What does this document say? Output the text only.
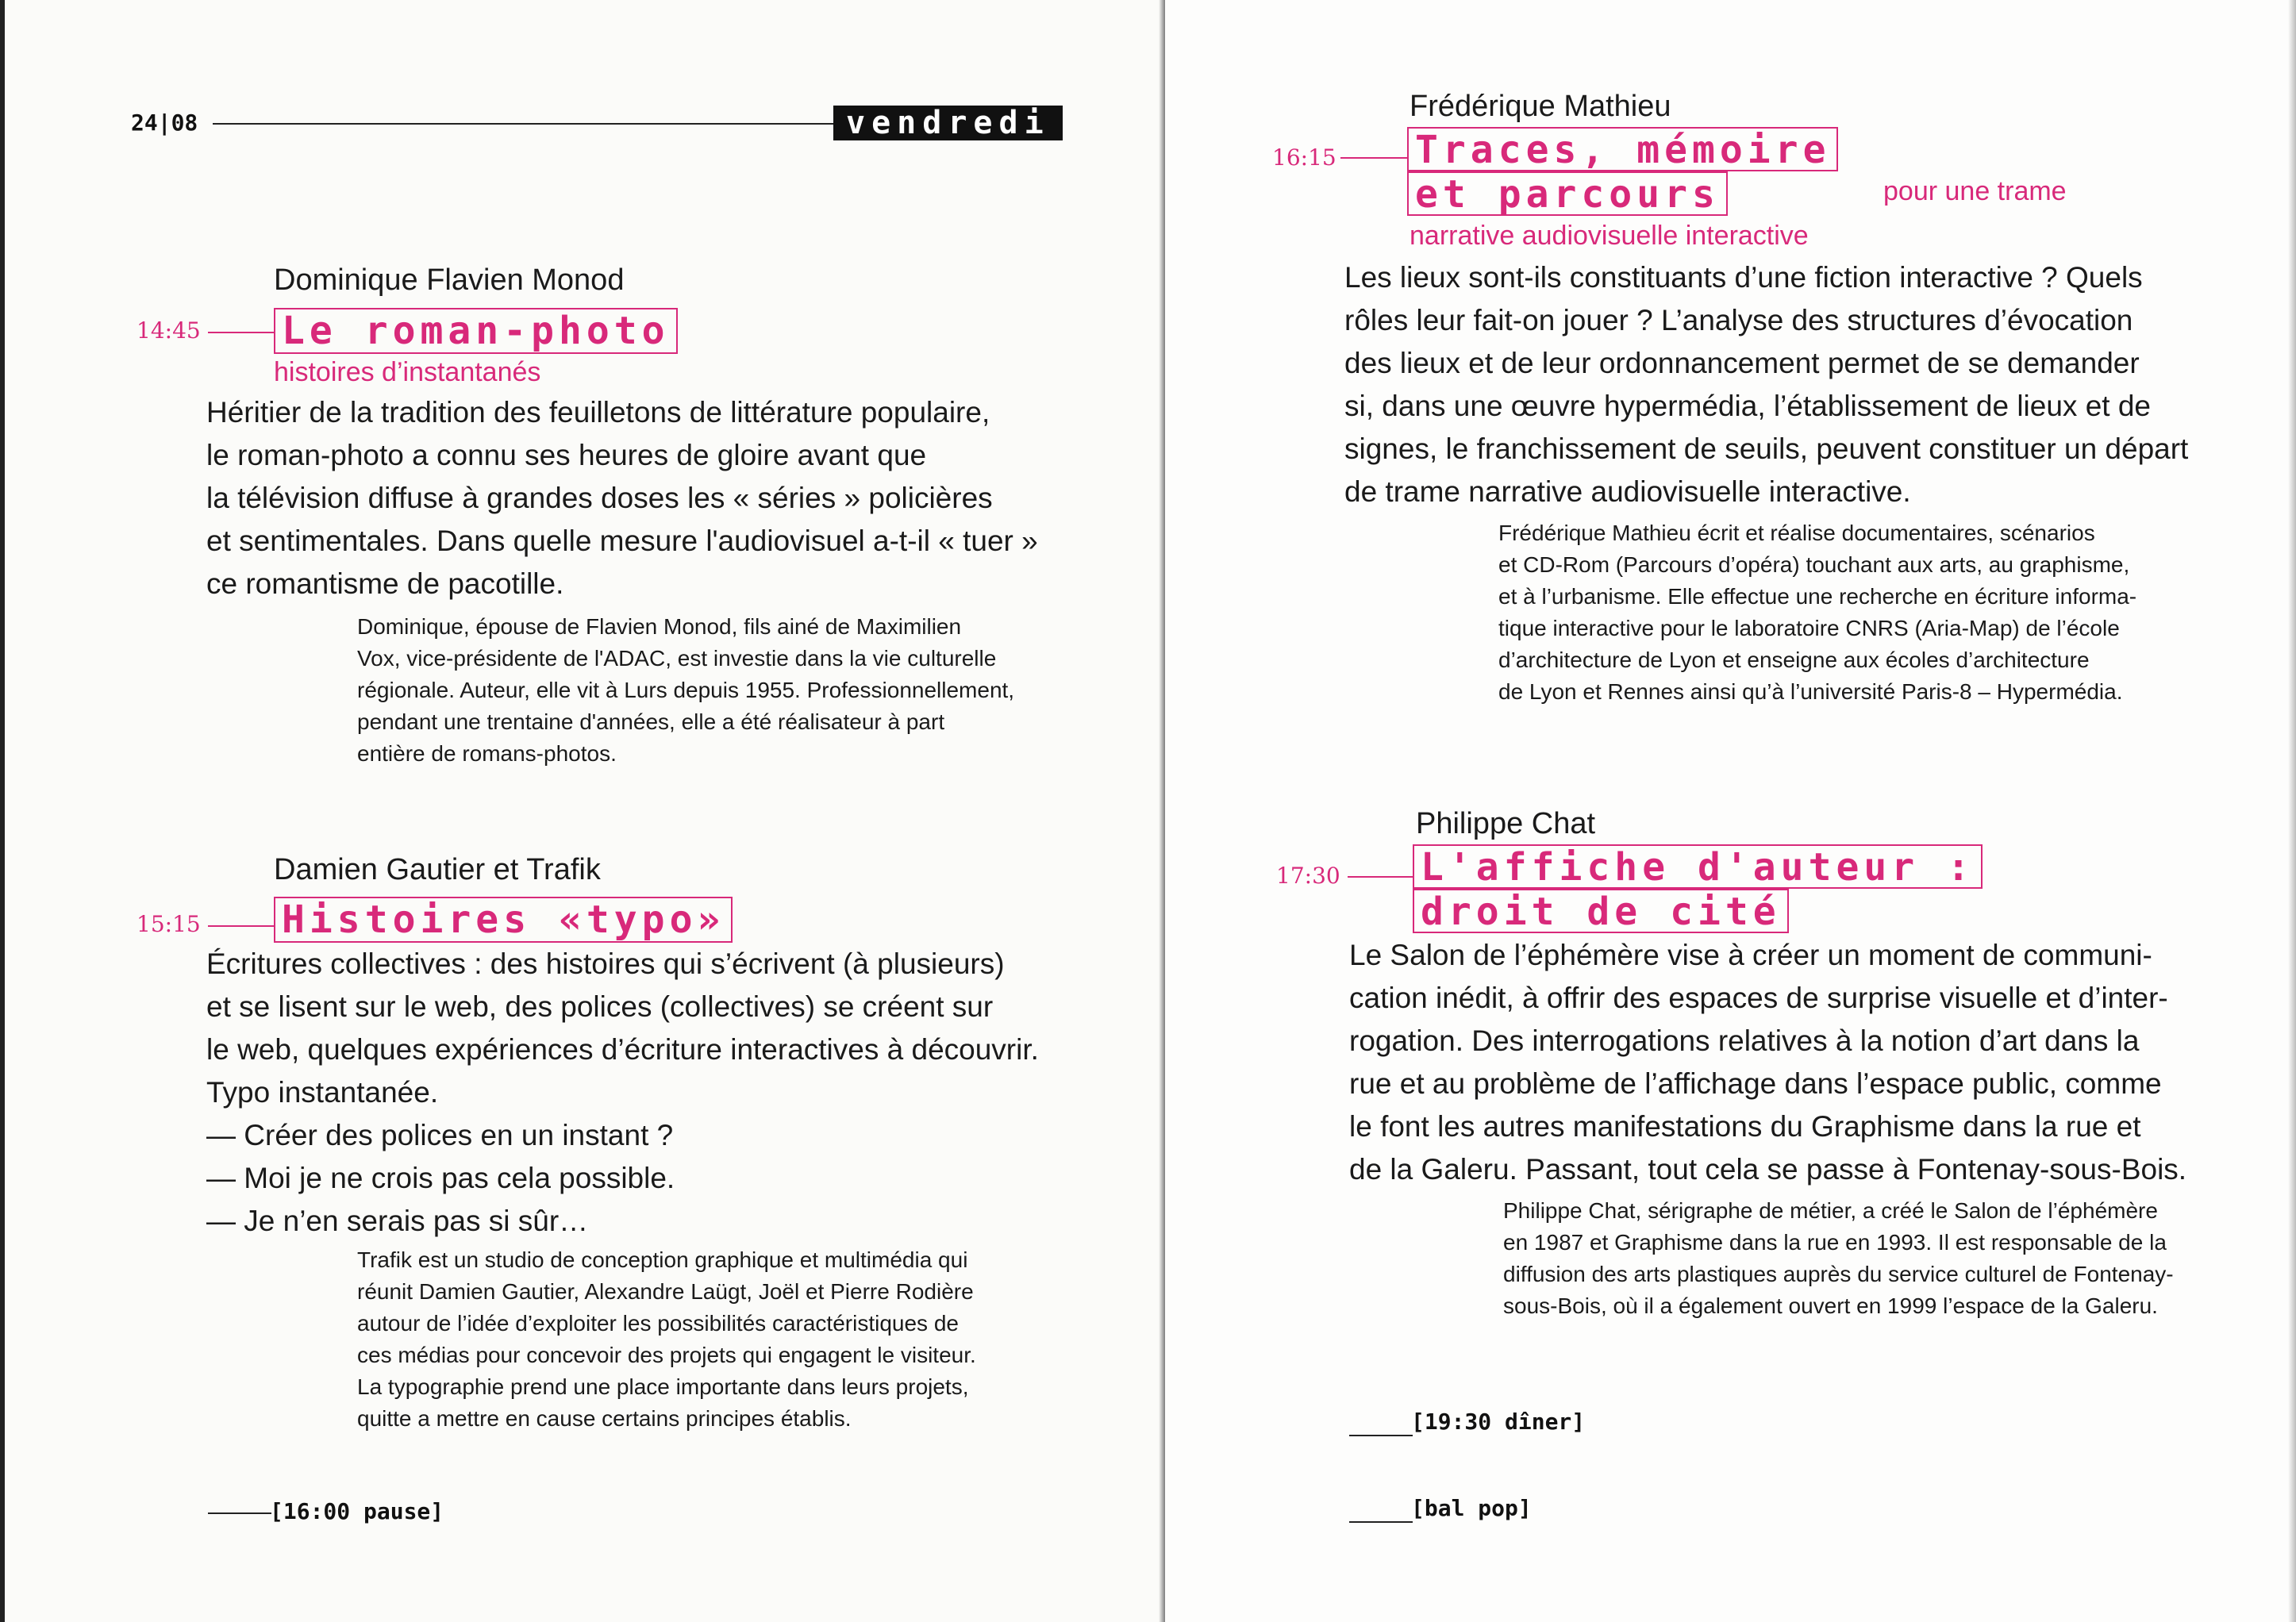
24|08	vendredi
Dominique Flavien Monod
14:45 Le roman-photo
histoires d’instantanés

Héritier de la tradition des feuilletons de littérature populaire,

le roman-photo a connu ses heures de gloire avant que

la télévision diffuse à grandes doses les « séries » policières

et sentimentales. Dans quelle mesure l'audiovisuel a-t-il « tuer »

ce romantisme de pacotille.

Dominique, épouse de Flavien Monod, fils ainé de Maximilien

Vox, vice-présidente de l'ADAC, est investie dans la vie culturelle

régionale. Auteur, elle vit à Lurs depuis 1955. Professionnellement,

pendant une trentaine d'années, elle a été réalisateur à part

entière de romans-photos.

Damien Gautier et Trafik
15:15 Histoires «typo»

Écritures collectives : des histoires qui s’écrivent (à plusieurs)

et se lisent sur le web, des polices (collectives) se créent sur

le web, quelques expériences d’écriture interactives à découvrir.

Typo instantanée.

— Créer des polices en un instant ?

— Moi je ne crois pas cela possible.

— Je n’en serais pas si sûr…

Trafik est un studio de conception graphique et multimédia qui

réunit Damien Gautier, Alexandre Laügt, Joël et Pierre Rodière

autour de l’idée d’exploiter les possibilités caractéristiques de

ces médias pour concevoir des projets qui engagent le visiteur.

La typographie prend une place importante dans leurs projets,

quitte a mettre en cause certains principes établis.

[16:00 pause]
Frédérique Mathieu
16:15 Traces, mémoire
et parcours	pour une trame
narrative audiovisuelle interactive

Les lieux sont-ils constituants d’une fiction interactive ? Quels

rôles leur fait-on jouer ? L’analyse des structures d’évocation

des lieux et de leur ordonnancement permet de se demander

si, dans une œuvre hypermédia, l’établissement de lieux et de

signes, le franchissement de seuils, peuvent constituer un départ

de trame narrative audiovisuelle interactive.

Frédérique Mathieu écrit et réalise documentaires, scénarios

et CD-Rom (Parcours d’opéra) touchant aux arts, au graphisme,

et à l’urbanisme. Elle effectue une recherche en écriture informa-

tique interactive pour le laboratoire CNRS (Aria-Map) de l’école

d’architecture de Lyon et enseigne aux écoles d’architecture

de Lyon et Rennes ainsi qu’à l’université Paris-8 – Hypermédia.

Philippe Chat
17:30 L'affiche d'auteur :
droit de cité

Le Salon de l’éphémère vise à créer un moment de communi-

cation inédit, à offrir des espaces de surprise visuelle et d’inter-

rogation. Des interrogations relatives à la notion d’art dans la

rue et au problème de l’affichage dans l’espace public, comme

le font les autres manifestations du Graphisme dans la rue et

de la Galeru. Passant, tout cela se passe à Fontenay-sous-Bois.

Philippe Chat, sérigraphe de métier, a créé le Salon de l’éphémère

en 1987 et Graphisme dans la rue en 1993. Il est responsable de la

diffusion des arts plastiques auprès du service culturel de Fontenay-

sous-Bois, où il a également ouvert en 1999 l’espace de la Galeru.

[19:30 dîner]
[bal pop]
